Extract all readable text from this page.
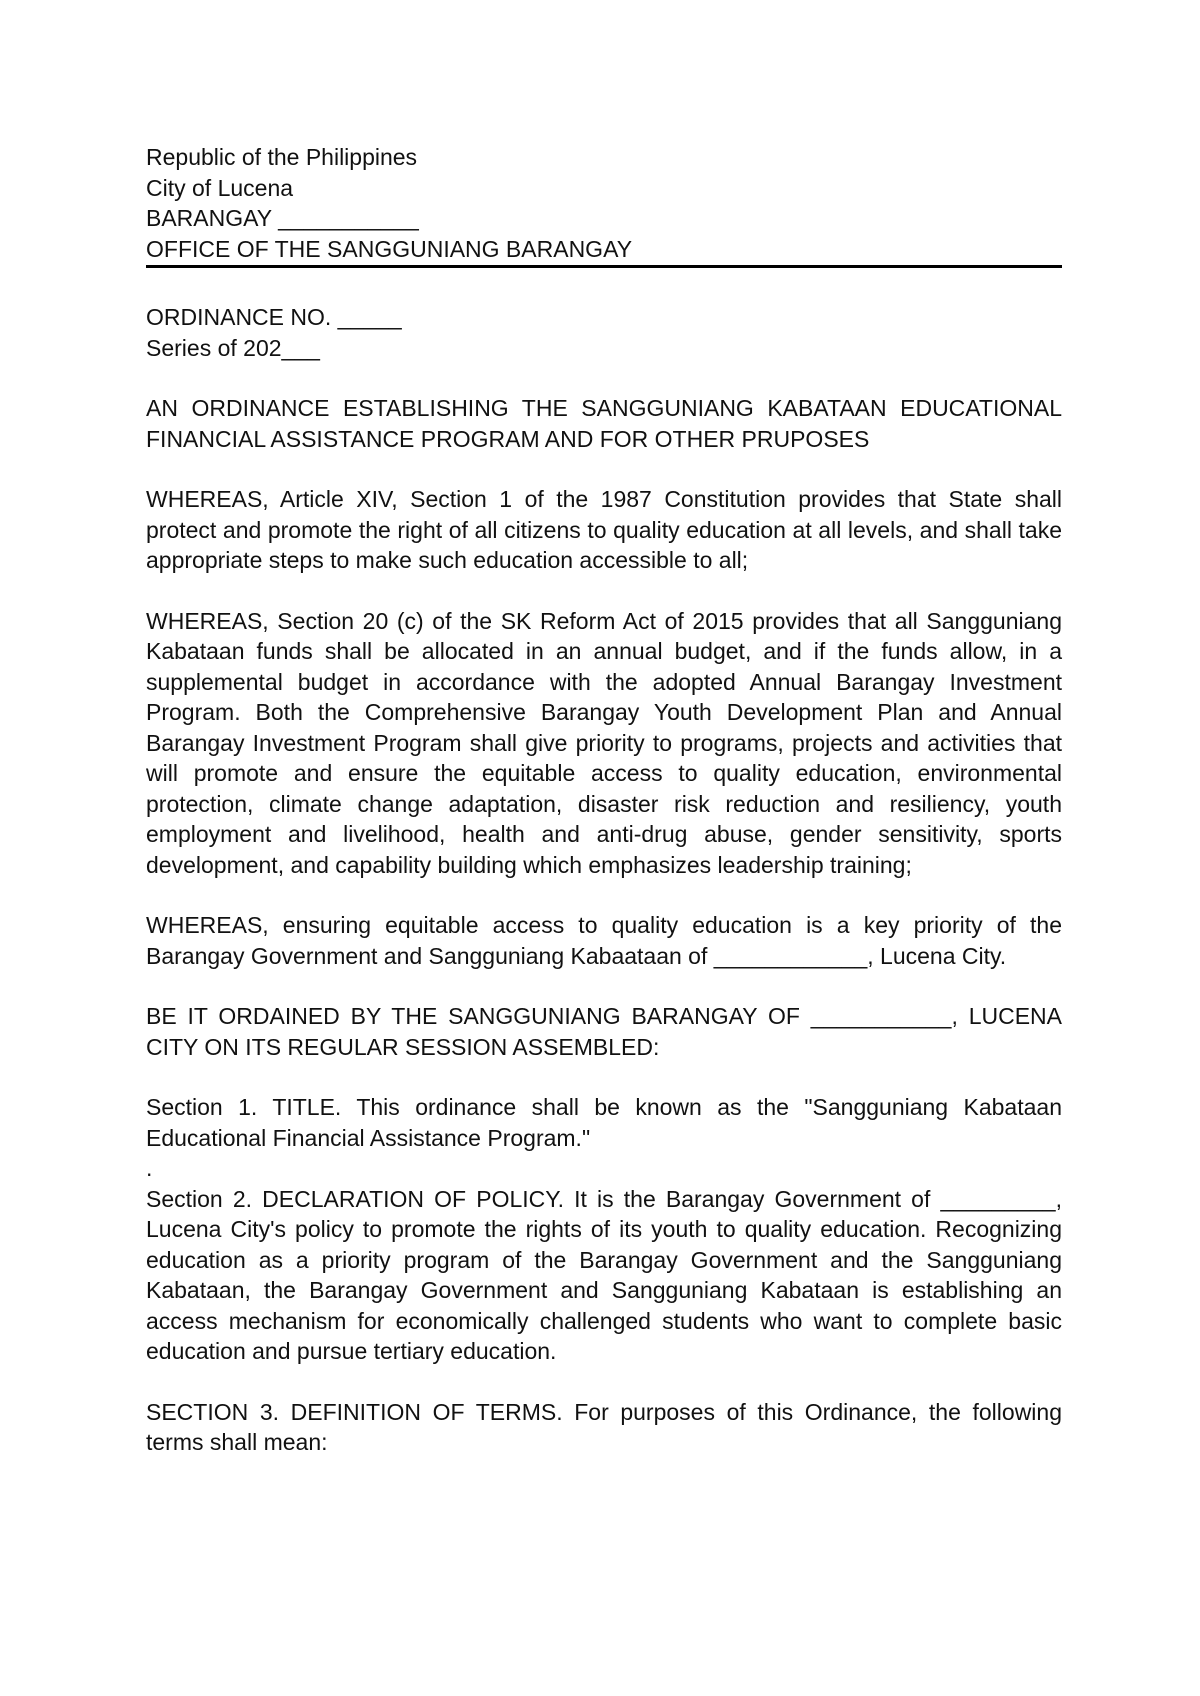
Republic of the Philippines
City of Lucena
BARANGAY ___________
OFFICE OF THE SANGGUNIANG BARANGAY
ORDINANCE NO. _____
Series of 202___

AN ORDINANCE ESTABLISHING THE SANGGUNIANG KABATAAN EDUCATIONAL FINANCIAL ASSISTANCE PROGRAM AND FOR OTHER PRUPOSES

WHEREAS, Article XIV, Section 1 of the 1987 Constitution provides that State shall protect and promote the right of all citizens to quality education at all levels, and shall take appropriate steps to make such education accessible to all;

WHEREAS, Section 20 (c) of the SK Reform Act of 2015 provides that all Sangguniang Kabataan funds shall be allocated in an annual budget, and if the funds allow, in a supplemental budget in accordance with the adopted Annual Barangay Investment Program. Both the Comprehensive Barangay Youth Development Plan and Annual Barangay Investment Program shall give priority to programs, projects and activities that will promote and ensure the equitable access to quality education, environmental protection, climate change adaptation, disaster risk reduction and resiliency, youth employment and livelihood, health and anti-drug abuse, gender sensitivity, sports development, and capability building which emphasizes leadership training;

WHEREAS, ensuring equitable access to quality education is a key priority of the Barangay Government and Sangguniang Kabaataan of ____________, Lucena City.

BE IT ORDAINED BY THE SANGGUNIANG BARANGAY OF ___________, LUCENA CITY ON ITS REGULAR SESSION ASSEMBLED:

Section 1. TITLE. This ordinance shall be known as the "Sangguniang Kabataan Educational Financial Assistance Program."

.

Section 2. DECLARATION OF POLICY. It is the Barangay Government of _________, Lucena City's policy to promote the rights of its youth to quality education. Recognizing education as a priority program of the Barangay Government and the Sangguniang Kabataan, the Barangay Government and Sangguniang Kabataan is establishing an access mechanism for economically challenged students who want to complete basic education and pursue tertiary education.

SECTION 3. DEFINITION OF TERMS. For purposes of this Ordinance, the following terms shall mean:
